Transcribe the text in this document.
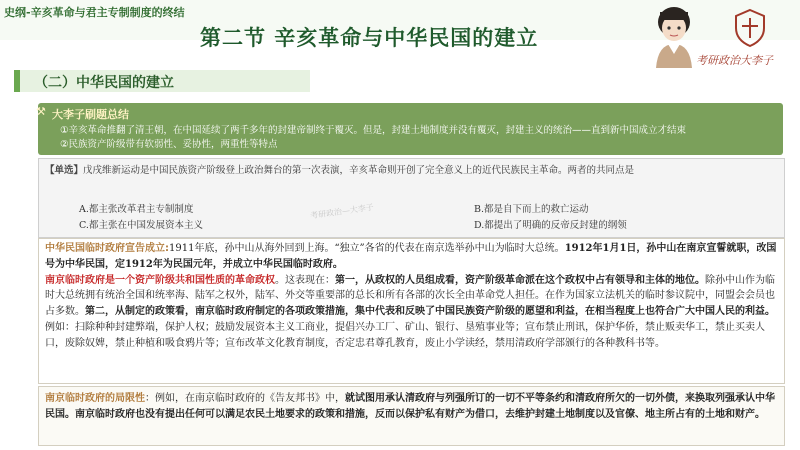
史纲-辛亥革命与君主专制制度的终结
第二节 辛亥革命与中华民国的建立
考研政治大李子
（二）中华民国的建立
⚒ 大李子刷题总结
①辛亥革命推翻了清王朝，在中国延续了两千多年的封建帝制终于覆灭。但是，封建土地制度并没有覆灭，封建主义的统治——直到新中国成立才结束
②民族资产阶级带有软弱性、妥协性，两重性等特点
【单选】戊戌维新运动是中国民族资产阶级登上政治舞台的第一次表演，辛亥革命则开创了完全意义上的近代民族民主革命。两者的共同点是
A.都主张改革君主专制制度	B.都是自下而上的救亡运动
C.都主张在中国发展资本主义	D.都提出了明确的反帝反封建的纲领
考研政治—大李子
中华民国临时政府宣告成立:1911年底，孙中山从海外回到上海。“独立”各省的代表在南京选举孙中山为临时大总统。1912年1月1日，孙中山在南京宣誓就职，改国号为中华民国，定1912年为民国元年，并成立中华民国临时政府。
南京临时政府是一个资产阶级共和国性质的革命政权。这表现在：第一，从政权的人员组成看，资产阶级革命派在这个政权中占有领导和主体的地位。除孙中山作为临时大总统拥有统治全国和统率海、陆军之权外，陆军、外交等重要部的总长和所有各部的次长全由革命党人担任。在作为国家立法机关的临时参议院中，同盟会会员也占多数。第二，从制定的政策看，南京临时政府制定的各项政策措施，集中代表和反映了中国民族资产阶级的愿望和利益，在相当程度上也符合广大中国人民的利益。例如：扫除种种封建弊端，保护人权；鼓励发展资本主义工商业，提倡兴办工厂、矿山、银行、垦殖事业等；宣布禁止刑讯，保护华侨，禁止贩卖华工，禁止买卖人口，废除奴婢，禁止种植和吸食鸦片等；宣布改革文化教育制度，否定忠君尊孔教育，废止小学读经，禁用清政府学部颁行的各种教科书等。
南京临时政府的局限性：例如，在南京临时政府的《告友邦书》中，就试图用承认清政府与列强所订的一切不平等条约和清政府所欠的一切外债，来换取列强承认中华民国。南京临时政府也没有提出任何可以满足农民土地要求的政策和措施，反而以保护私有财产为借口，去维护封建土地制度以及官僚、地主所占有的土地和财产。
